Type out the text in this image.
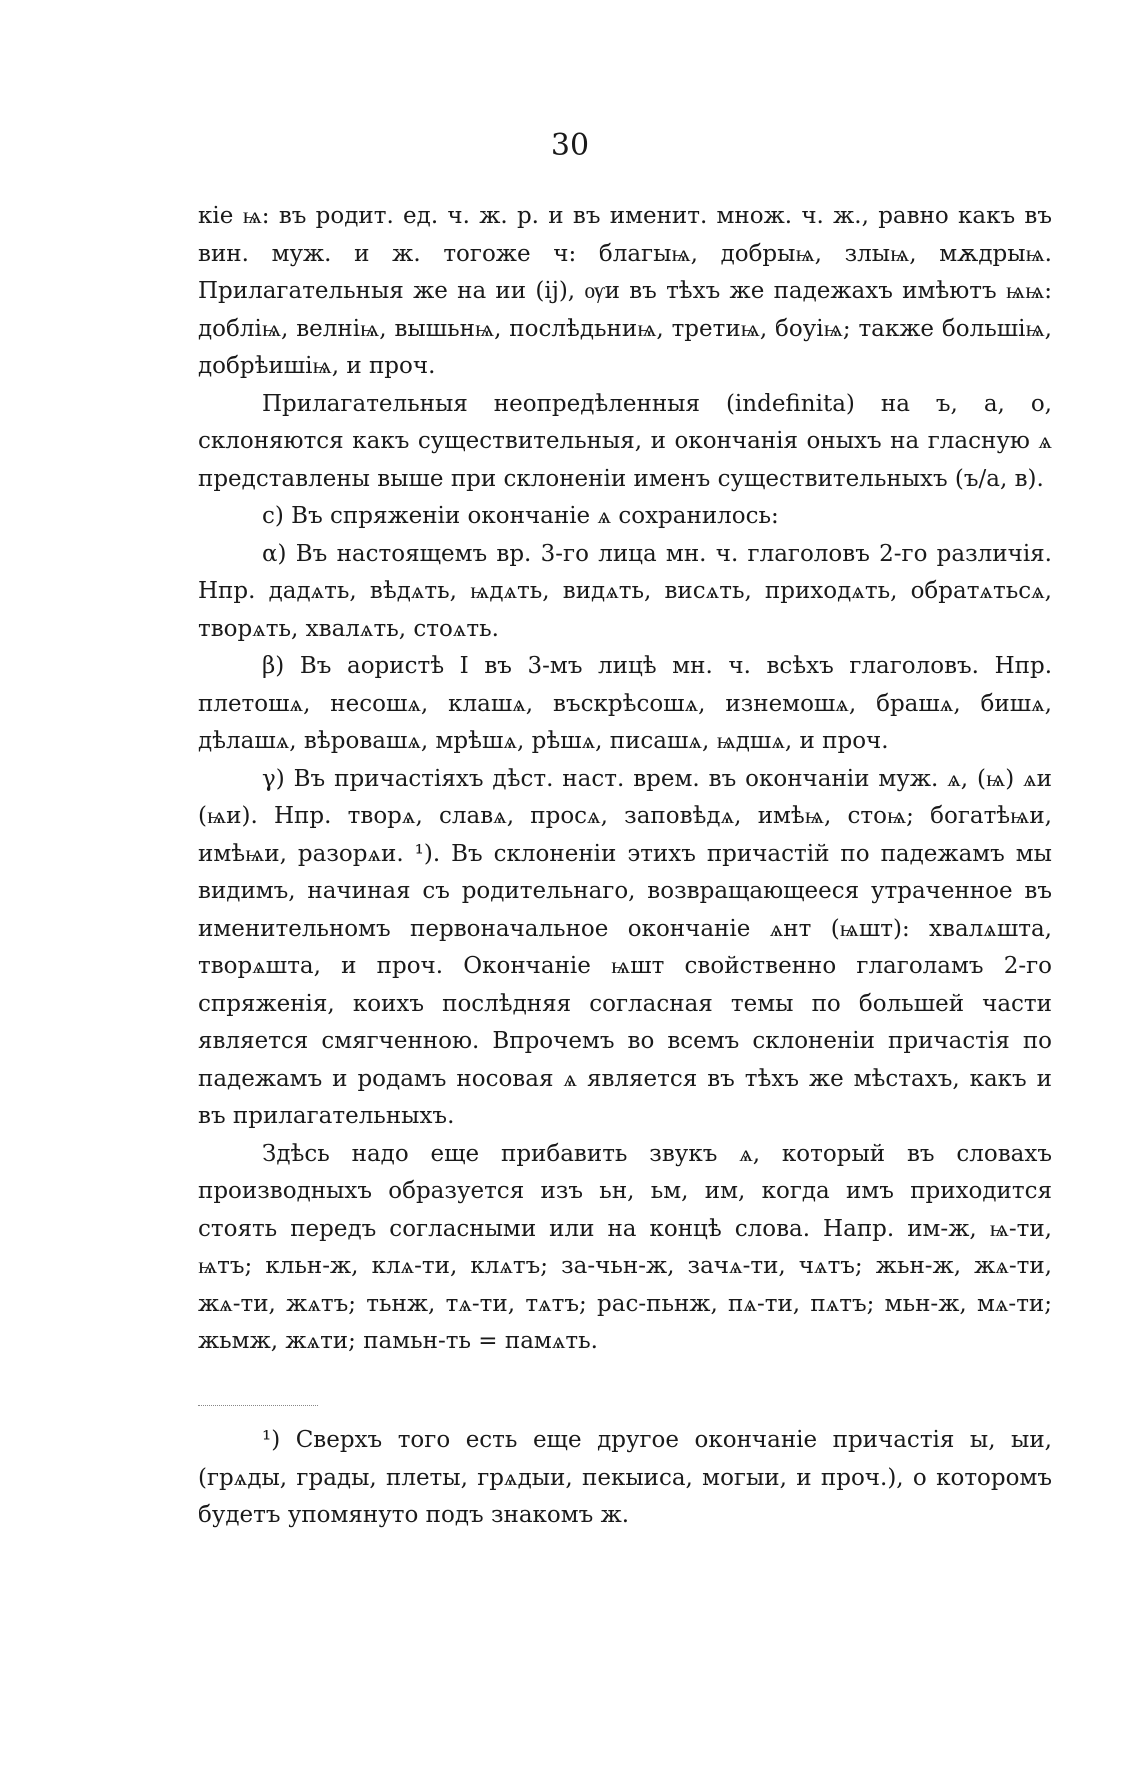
30

кіе ѩ: въ родит. ед. ч. ж. р. и въ именит. множ. ч. ж., равно какъ въ вин. муж. и ж. тогоже ч: благыѩ, добрыѩ, злыѩ, мѫдрыѩ. Прилагательныя же на ии (ij), ѹи въ тѣхъ же падежахъ имѣютъ ѩѩ: добліѩ, велніѩ, вышьнѩ, послѣдьниѩ, третиѩ, боуіѩ; также большіѩ, добрѣишіѩ, и проч.

Прилагательныя неопредѣленныя (indefinita) на ъ, а, о, склоняются какъ существительныя, и окончанія оныхъ на гласную ѧ представлены выше при склоненіи именъ существительныхъ (ъ/а, в).

с) Въ спряженіи окончаніе ѧ сохранилось:

α) Въ настоящемъ вр. 3-го лица мн. ч. глаголовъ 2-го различія. Нпр. дадѧть, вѣдѧть, ѩдѧть, видѧть, висѧть, приходѧть, обратѧтьсѧ, творѧть, хвалѧть, стоѧть.

β) Въ аористѣ I въ 3-мъ лицѣ мн. ч. всѣхъ глаголовъ. Нпр. плетошѧ, несошѧ, клашѧ, въскрѣсошѧ, изнемошѧ, брашѧ, бишѧ, дѣлашѧ, вѣровашѧ, мрѣшѧ, рѣшѧ, писашѧ, ѩдшѧ, и проч.

γ) Въ причастіяхъ дѣст. наст. врем. въ окончаніи муж. ѧ, (ѩ) ѧи (ѩи). Нпр. творѧ, славѧ, просѧ, заповѣдѧ, имѣѩ, стоѩ; богатѣѩи, имѣѩи, разорѧи. ¹). Въ склоненіи этихъ причастій по падежамъ мы видимъ, начиная съ родительнаго, возвращающееся утраченное въ именительномъ первоначальное окончаніе ѧнт (ѩшт): хвалѧшта, творѧшта, и проч. Окончаніе ѩшт свойственно глаголамъ 2-го спряженія, коихъ послѣдняя согласная темы по большей части является смягченною. Впрочемъ во всемъ склоненіи причастія по падежамъ и родамъ носовая ѧ является въ тѣхъ же мѣстахъ, какъ и въ прилагательныхъ.

Здѣсь надо еще прибавить звукъ ѧ, который въ словахъ производныхъ образуется изъ ьн, ьм, им, когда имъ приходится стоять передъ согласными или на концѣ слова. Напр. им-ж, ѩ-ти, ѩтъ; кльн-ж, клѧ-ти, клѧтъ; за-чьн-ж, зачѧ-ти, чѧтъ; жьн-ж, жѧ-ти, жѧ-ти, жѧтъ; тьнж, тѧ-ти, тѧтъ; рас-пьнж, пѧ-ти, пѧтъ; мьн-ж, мѧ-ти; жьмж, жѧти; памьн-ть = памѧть.

¹) Сверхъ того есть еще другое окончаніе причастія ы, ыи, (грѧды, грады, плеты, грѧдыи, пекыиса, могыи, и проч.), о которомъ будетъ упомянуто подъ знакомъ ж.
